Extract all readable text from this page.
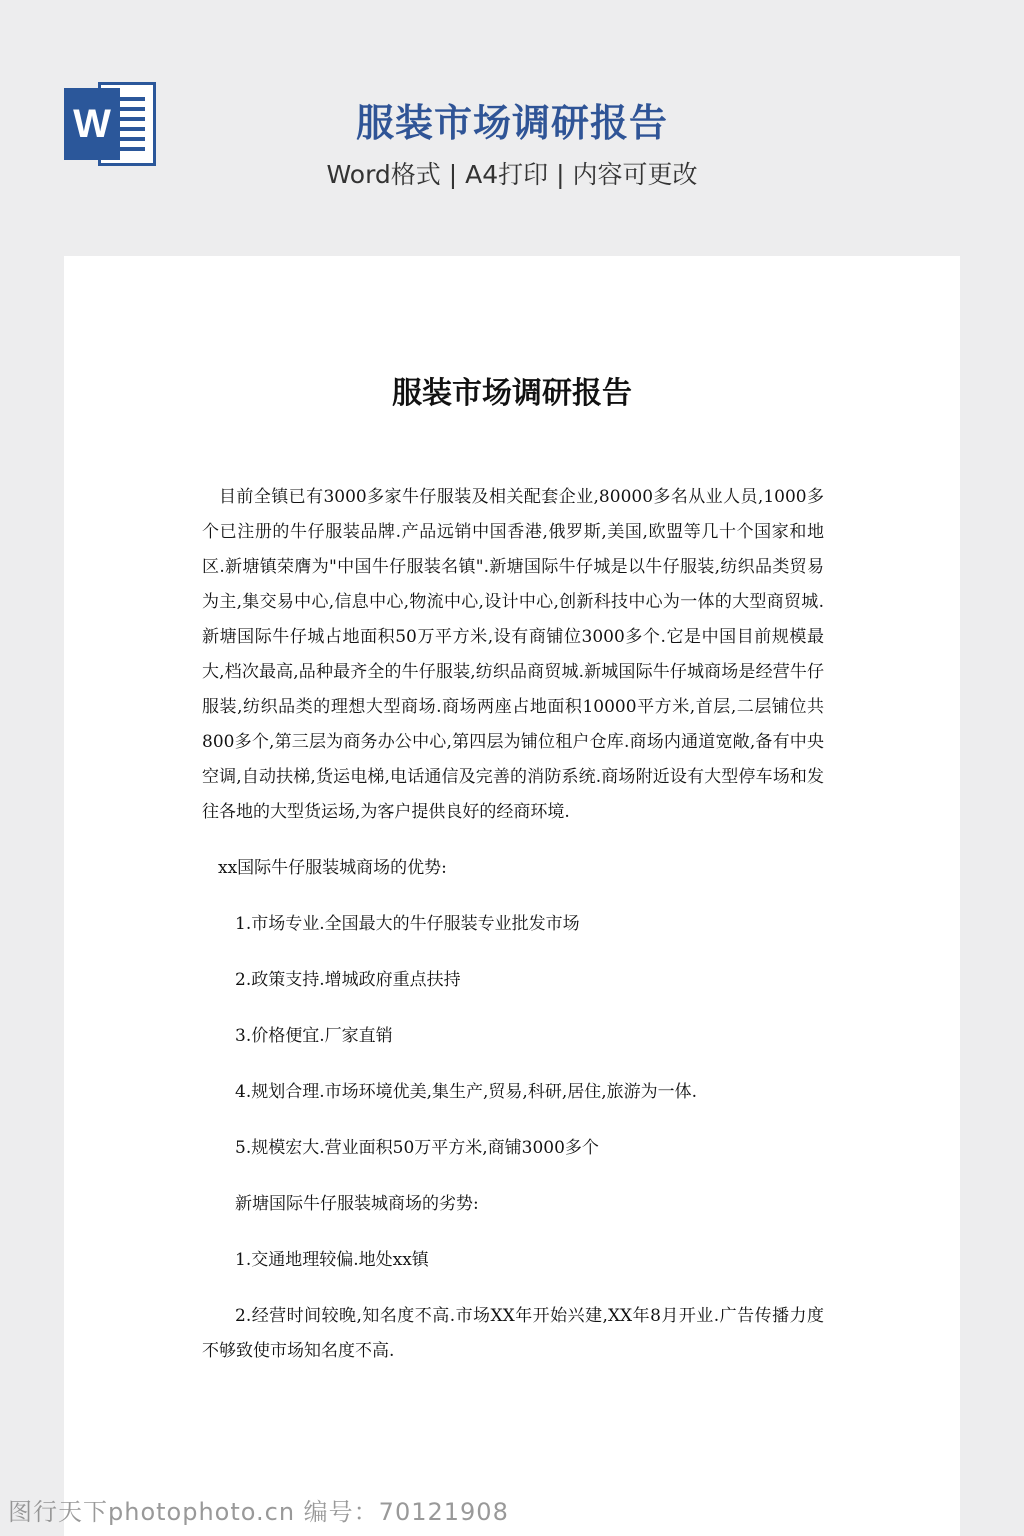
W	服装市场调研报告
Word格式 | A4打印 | 内容可更改
服装市场调研报告

目前全镇已有3000多家牛仔服装及相关配套企业,80000多名从业人员,1000多个已注册的牛仔服装品牌.产品远销中国香港,俄罗斯,美国,欧盟等几十个国家和地区.新塘镇荣膺为"中国牛仔服装名镇".新塘国际牛仔城是以牛仔服装,纺织品类贸易为主,集交易中心,信息中心,物流中心,设计中心,创新科技中心为一体的大型商贸城.新塘国际牛仔城占地面积50万平方米,设有商铺位3000多个.它是中国目前规模最大,档次最高,品种最齐全的牛仔服装,纺织品商贸城.新城国际牛仔城商场是经营牛仔服装,纺织品类的理想大型商场.商场两座占地面积10000平方米,首层,二层铺位共800多个,第三层为商务办公中心,第四层为铺位租户仓库.商场内通道宽敞,备有中央空调,自动扶梯,货运电梯,电话通信及完善的消防系统.商场附近设有大型停车场和发往各地的大型货运场,为客户提供良好的经商环境.

xx国际牛仔服装城商场的优势:

1.市场专业.全国最大的牛仔服装专业批发市场

2.政策支持.增城政府重点扶持

3.价格便宜.厂家直销

4.规划合理.市场环境优美,集生产,贸易,科研,居住,旅游为一体.

5.规模宏大.营业面积50万平方米,商铺3000多个

新塘国际牛仔服装城商场的劣势:

1.交通地理较偏.地处xx镇

2.经营时间较晚,知名度不高.市场XX年开始兴建,XX年8月开业.广告传播力度不够致使市场知名度不高.

图行天下photophoto.cn 编号：70121908
